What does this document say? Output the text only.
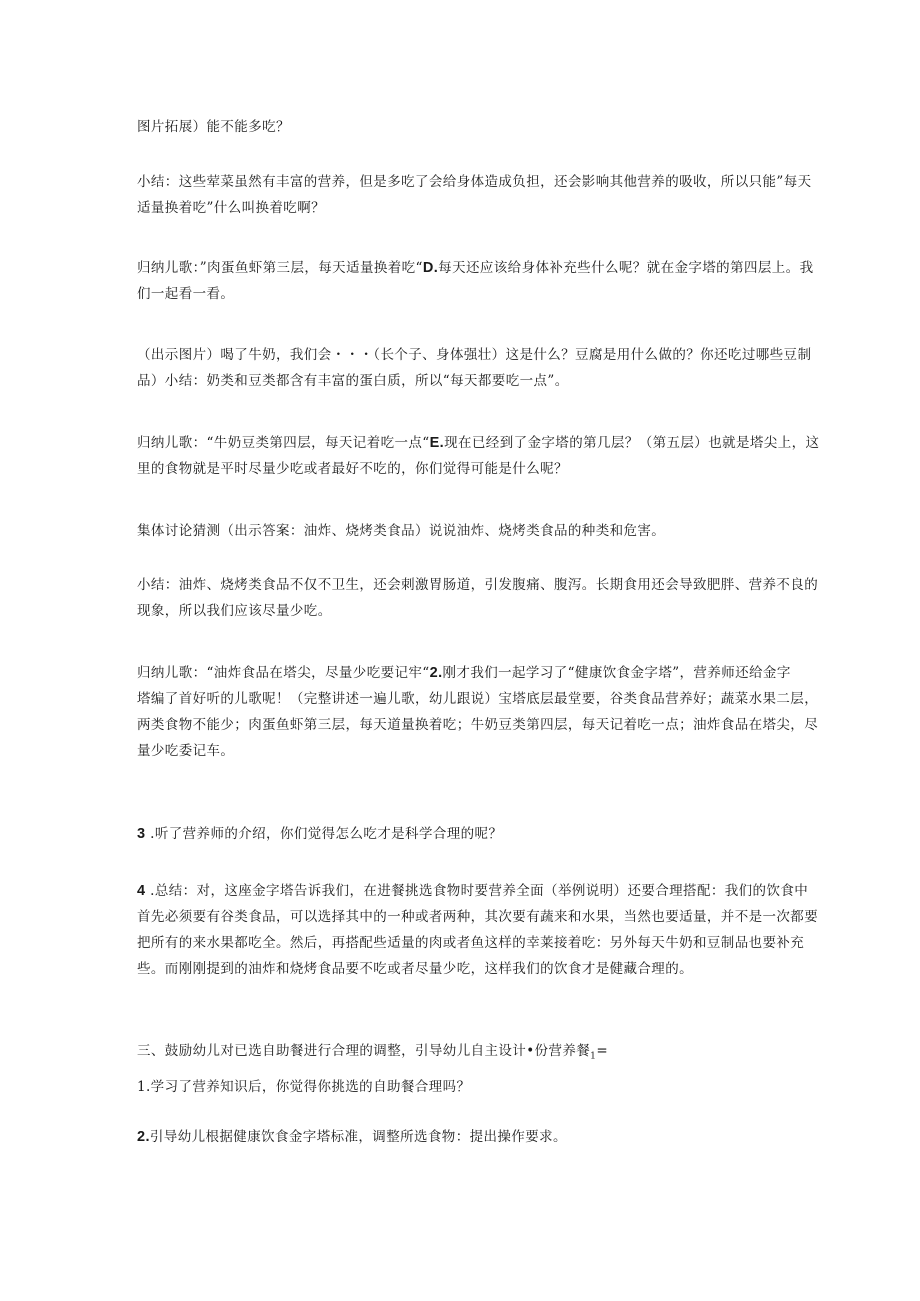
图片拓展）能不能多吃？

小结：这些荤菜虽然有丰富的营养，但是多吃了会给身体造成负担，还会影响其他营养的吸收，所以只能”每天
适量换着吃”什么叫换着吃啊？

归纳儿歌：”肉蛋鱼虾第三层，每天适量换着吃“D.每天还应该给身体补充些什么呢？就在金字塔的第四层上。我
们一起看一看。

（出示图片）喝了牛奶，我们会・・・（长个子、身体强壮）这是什么？豆腐是用什么做的？你还吃过哪些豆制
品）小结：奶类和豆类都含有丰富的蛋白质，所以“每天都要吃一点”。

归纳儿歌：“牛奶豆类第四层，每天记着吃一点“E.现在已经到了金字塔的第几层？（第五层）也就是塔尖上，这
里的食物就是平时尽量少吃或者最好不吃的，你们觉得可能是什么呢？

集体讨论猜测（出示答案：油炸、烧烤类食品）说说油炸、烧烤类食品的种类和危害。

小结：油炸、烧烤类食品不仅不卫生，还会刺激胃肠道，引发腹痛、腹泻。长期食用还会导致肥胖、营养不良的
现象，所以我们应该尽量少吃。

归纳儿歌：“油炸食品在塔尖，尽量少吃要记牢“2.刚才我们一起学习了“健康饮食金字塔”，营养师还给金字
塔编了首好听的儿歌呢！（完整讲述一遍儿歌，幼儿跟说）宝塔底层最堂要，谷类食品营养好；蔬菜水果二层，
两类食物不能少；肉蛋鱼虾第三层，每天道量换着吃；牛奶豆类第四层，每天记着吃一点；油炸食品在塔尖，尽
量少吃委记车。

3 .听了营养师的介绍，你们觉得怎么吃才是科学合理的呢？

4 .总结：对，这座金字塔告诉我们，在进餐挑选食物时要营养全面（举例说明）还要合理搭配：我们的饮食中
首先必须要有谷类食品，可以选择其中的一种或者两种，其次要有蔬来和水果，当然也要适量，并不是一次都要
把所有的来水果都吃全。然后，再搭配些适量的肉或者鱼这样的幸莱接着吃：另外每天牛奶和豆制品也要补充
些。而刚刚提到的油炸和烧烤食品要不吃或者尽量少吃，这样我们的饮食才是健藏合理的。

三、鼓励幼儿对已选自助餐进行合理的调整，引导幼儿自主设计•份营养餐$_1$=

1.学习了营养知识后，你觉得你挑选的自助餐合理吗？

2.引导幼儿根据健康饮食金字塔标准，调整所选食物：提出操作要求。
